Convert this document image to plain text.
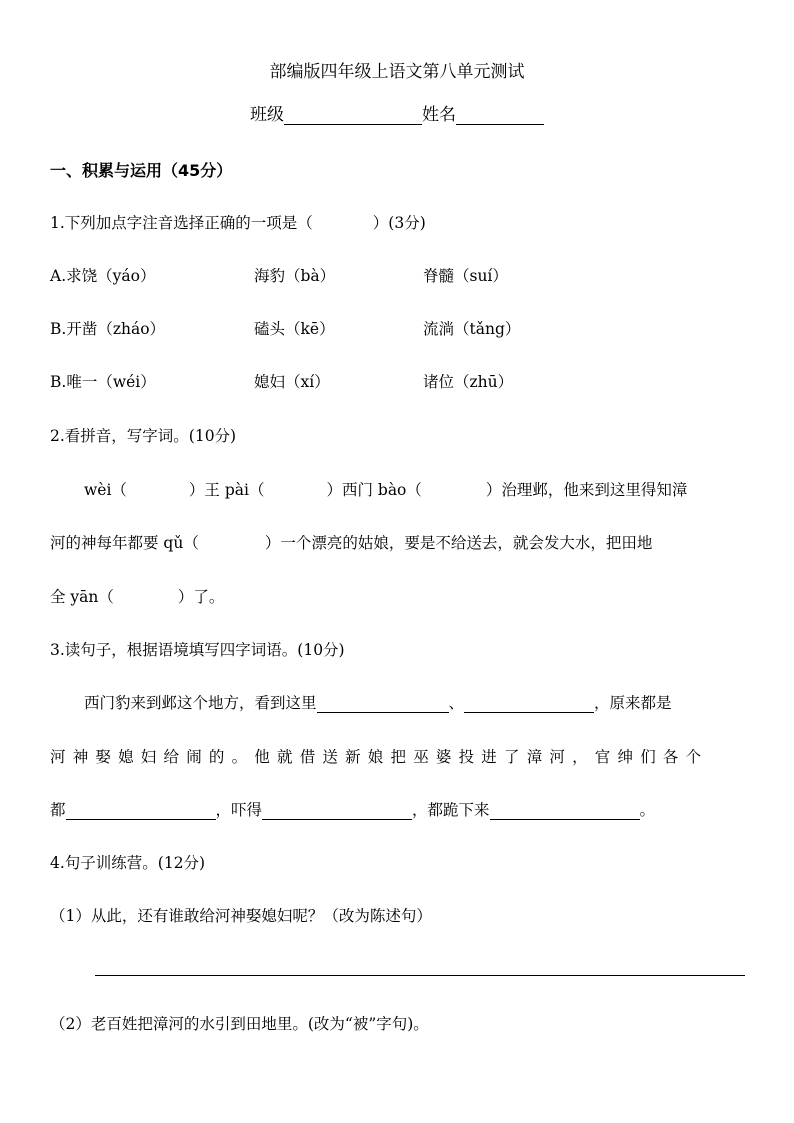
部编版四年级上语文第八单元测试
班级	姓名
一、积累与运用（45分）
1.下列加点字注音选择正确的一项是（	）(3分)
A.求饶（yáo）	海豹（bà）	脊髓（suí）
B.开凿（zháo）	磕头（kē）	流淌（tǎng）
B.唯一（wéi）	媳妇（xí）	诸位（zhū）
2.看拼音，写字词。(10分)
wèi（	）王 pài（	）西门 bào（	）治理邺，他来到这里得知漳
河的神每年都要 qǔ（	）一个漂亮的姑娘，要是不给送去，就会发大水，把田地
全 yān（	）了。
3.读句子，根据语境填写四字词语。(10分)
西门豹来到邺这个地方，看到这里	、	，原来都是
河神娶媳妇给闹的。他就借送新娘把巫婆投进了漳河，官绅们各个
都	，吓得	，都跪下来	。
4.句子训练营。(12分)
（1）从此，还有谁敢给河神娶媳妇呢？（改为陈述句）
（2）老百姓把漳河的水引到田地里。(改为“被”字句)。
